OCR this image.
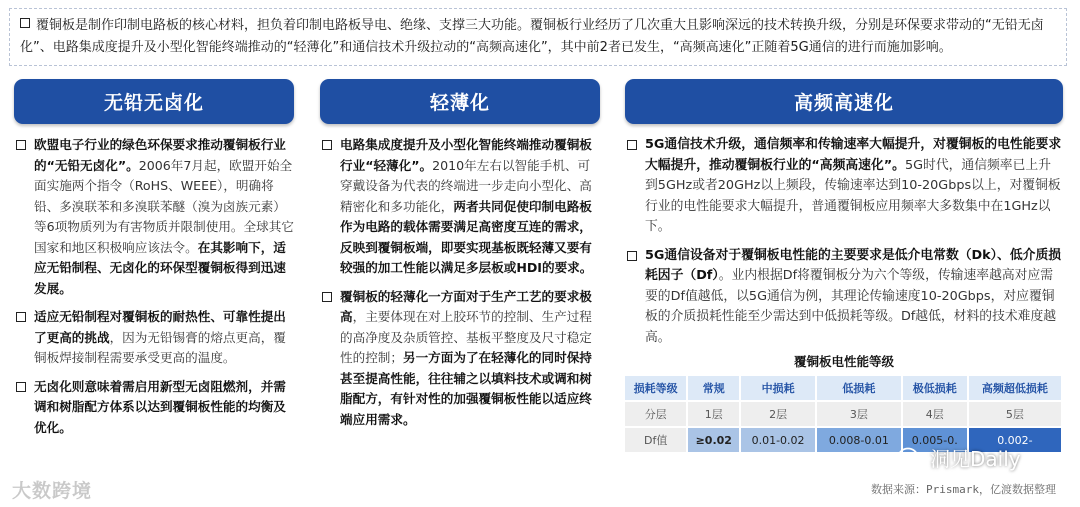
覆铜板是制作印制电路板的核心材料，担负着印制电路板导电、绝缘、支撑三大功能。覆铜板行业经历了几次重大且影响深远的技术转换升级，分别是环保要求带动的“无铅无卤化”、电路集成度提升及小型化智能终端推动的“轻薄化”和通信技术升级拉动的“高频高速化”，其中前2者已发生，“高频高速化”正随着5G通信的进行而施加影响。
无铅无卤化
欧盟电子行业的绿色环保要求推动覆铜板行业的“无铅无卤化”。2006年7月起，欧盟开始全面实施两个指令（RoHS、WEEE），明确将铅、多溴联苯和多溴联苯醚（溴为卤族元素）等6项物质列为有害物质并限制使用。全球其它国家和地区积极响应该法令。在其影响下，适应无铅制程、无卤化的环保型覆铜板得到迅速发展。
适应无铅制程对覆铜板的耐热性、可靠性提出了更高的挑战，因为无铅锡膏的熔点更高，覆铜板焊接制程需要承受更高的温度。
无卤化则意味着需启用新型无卤阻燃剂，并需调和树脂配方体系以达到覆铜板性能的均衡及优化。
轻薄化
电路集成度提升及小型化智能终端推动覆铜板行业“轻薄化”。2010年左右以智能手机、可穿戴设备为代表的终端进一步走向小型化、高精密化和多功能化，两者共同促使印制电路板作为电路的载体需要满足高密度互连的需求，反映到覆铜板端，即要实现基板既轻薄又要有较强的加工性能以满足多层板或HDI的要求。
覆铜板的轻薄化一方面对于生产工艺的要求极高，主要体现在对上胶环节的控制、生产过程的高净度及杂质管控、基板平整度及尺寸稳定性的控制；另一方面为了在轻薄化的同时保持甚至提高性能，往往辅之以填料技术或调和树脂配方，有针对性的加强覆铜板性能以适应终端应用需求。
高频高速化
5G通信技术升级，通信频率和传输速率大幅提升，对覆铜板的电性能要求大幅提升，推动覆铜板行业的“高频高速化”。5G时代，通信频率已上升到5GHz或者20GHz以上频段，传输速率达到10-20Gbps以上，对覆铜板行业的电性能要求大幅提升，普通覆铜板应用频率大多数集中在1GHz以下。
5G通信设备对于覆铜板电性能的主要要求是低介电常数（Dk）、低介质损耗因子（Df）。业内根据Df将覆铜板分为六个等级，传输速率越高对应需要的Df值越低，以5G通信为例，其理论传输速度10-20Gbps，对应覆铜板的介质损耗性能至少需达到中低损耗等级。Df越低，材料的技术难度越高。
覆铜板电性能等级
损耗等级	常规	中损耗	低损耗	极低损耗	高频超低损耗
分层	1层	2层	3层	4层	5层
Df值	≥0.02	0.01-0.02	0.008-0.01	0.005-0.	0.002-
数据来源：Prismark，亿渡数据整理
大数跨境
洞见Daily
